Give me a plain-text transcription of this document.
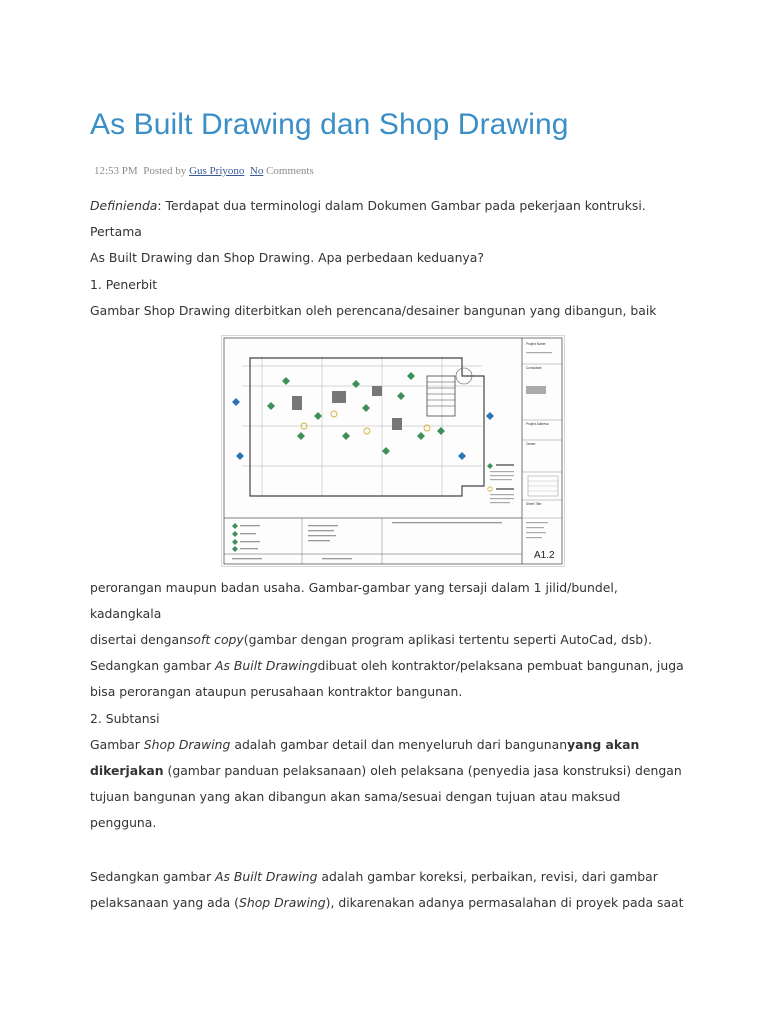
As Built Drawing dan Shop Drawing
12:53 PM Posted by Gus Priyono No Comments
Definienda: Terdapat dua terminologi dalam Dokumen Gambar pada pekerjaan kontruksi. Pertama
As Built Drawing dan Shop Drawing. Apa perbedaan keduanya?
1. Penerbit
Gambar Shop Drawing diterbitkan oleh perencana/desainer bangunan yang dibangun, baik
Project Name:
Consultant:
Project Address:
Owner:
Sheet Title:
A1.2
perorangan maupun badan usaha. Gambar-gambar yang tersaji dalam 1 jilid/bundel, kadangkala
disertai dengansoft copy(gambar dengan program aplikasi tertentu seperti AutoCad, dsb).
Sedangkan gambar As Built Drawingdibuat oleh kontraktor/pelaksana pembuat bangunan, juga
bisa perorangan ataupun perusahaan kontraktor bangunan.
2. Subtansi
Gambar Shop Drawing adalah gambar detail dan menyeluruh dari bangunanyang akan
dikerjakan (gambar panduan pelaksanaan) oleh pelaksana (penyedia jasa konstruksi) dengan
tujuan bangunan yang akan dibangun akan sama/sesuai dengan tujuan atau maksud pengguna.
Sedangkan gambar As Built Drawing adalah gambar koreksi, perbaikan, revisi, dari gambar
pelaksanaan yang ada (Shop Drawing), dikarenakan adanya permasalahan di proyek pada saat
